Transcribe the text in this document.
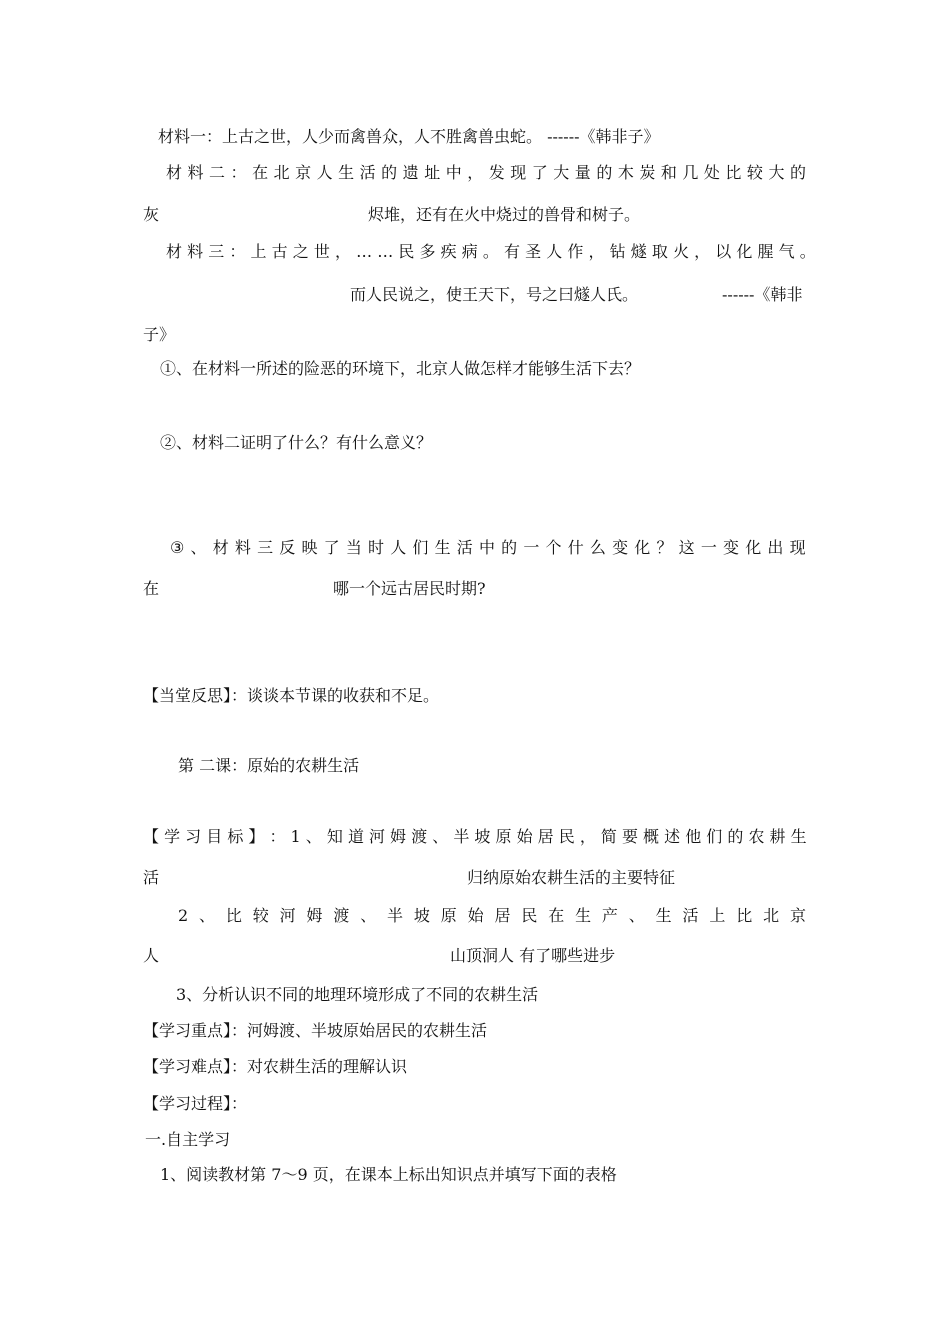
材料一：上古之世，人少而禽兽众，人不胜禽兽虫蛇。 ------《韩非子》

材 料 二 ： 在 北 京 人 生 活 的 遗 址 中 ， 发 现 了 大 量 的 木 炭 和 几 处 比 较 大 的

灰	烬堆，还有在火中烧过的兽骨和树子。

材 料 三 ： 上 古 之 世 ， … … 民 多 疾 病 。 有 圣 人 作 ， 钻 燧 取 火 ， 以 化 腥 气 。

而人民说之，使王天下，号之曰燧人氏。	------《韩非

子》

①、在材料一所述的险恶的环境下，北京人做怎样才能够生活下去？

②、材料二证明了什么？有什么意义？

③ 、 材 料 三 反 映 了 当 时 人 们 生 活 中 的 一 个 什 么 变 化 ？ 这 一 变 化 出 现

在	哪一个远古居民时期?

【当堂反思】：谈谈本节课的收获和不足。

第 二课：原始的农耕生活

【 学 习 目 标 】 ： 1 、 知 道 河 姆 渡 、 半 坡 原 始 居 民 ， 简 要 概 述 他 们 的 农 耕 生

活	归纳原始农耕生活的主要特征

2 、 比 较 河 姆 渡 、 半 坡 原 始 居 民 在 生 产 、 生 活 上 比 北 京

人	山顶洞人 有了哪些进步

3、分析认识不同的地理环境形成了不同的农耕生活

【学习重点】：河姆渡、半坡原始居民的农耕生活

【学习难点】：对农耕生活的理解认识

【学习过程】：

一.自主学习

1、阅读教材第 7～9 页，在课本上标出知识点并填写下面的表格
